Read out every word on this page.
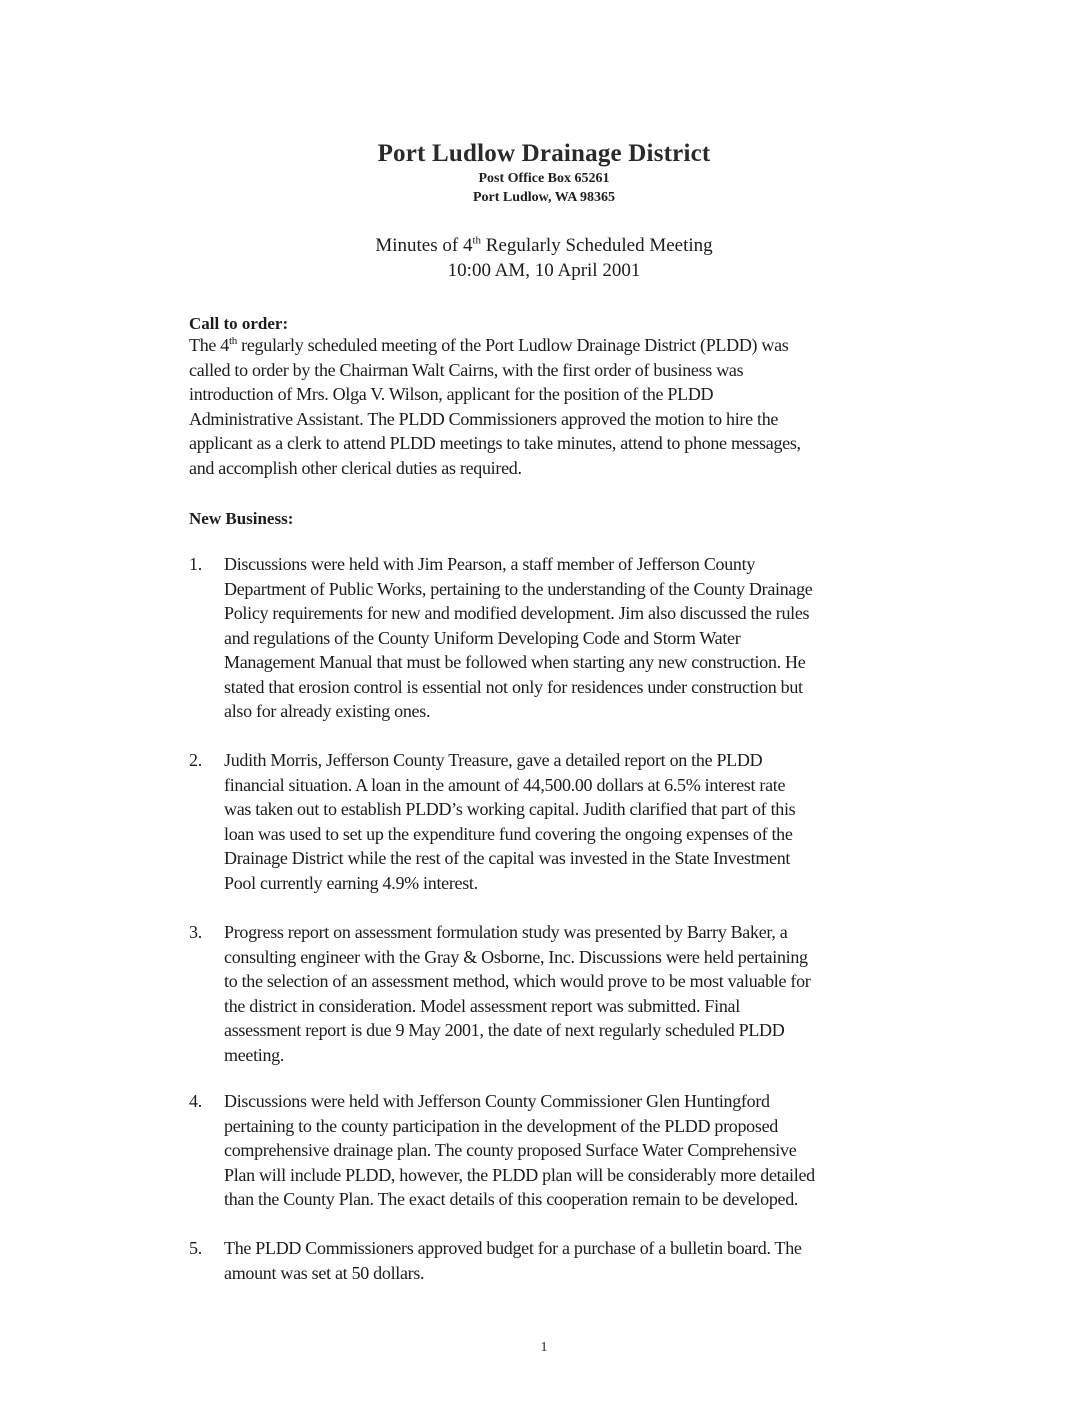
Port Ludlow Drainage District
Post Office Box 65261
Port Ludlow, WA 98365
Minutes of 4th Regularly Scheduled Meeting
10:00 AM, 10 April 2001
Call to order:
The 4th regularly scheduled meeting of the Port Ludlow Drainage District (PLDD) was
called to order by the Chairman Walt Cairns, with the first order of business was
introduction of Mrs. Olga V. Wilson, applicant for the position of the PLDD
Administrative Assistant. The PLDD Commissioners approved the motion to hire the
applicant as a clerk to attend PLDD meetings to take minutes, attend to phone messages,
and accomplish other clerical duties as required.
New Business:
1.	Discussions were held with Jim Pearson, a staff member of Jefferson County
Department of Public Works, pertaining to the understanding of the County Drainage
Policy requirements for new and modified development. Jim also discussed the rules
and regulations of the County Uniform Developing Code and Storm Water
Management Manual that must be followed when starting any new construction. He
stated that erosion control is essential not only for residences under construction but
also for already existing ones.
2.	Judith Morris, Jefferson County Treasure, gave a detailed report on the PLDD
financial situation. A loan in the amount of 44,500.00 dollars at 6.5% interest rate
was taken out to establish PLDD’s working capital. Judith clarified that part of this
loan was used to set up the expenditure fund covering the ongoing expenses of the
Drainage District while the rest of the capital was invested in the State Investment
Pool currently earning 4.9% interest.
3.	Progress report on assessment formulation study was presented by Barry Baker, a
consulting engineer with the Gray & Osborne, Inc. Discussions were held pertaining
to the selection of an assessment method, which would prove to be most valuable for
the district in consideration. Model assessment report was submitted. Final
assessment report is due 9 May 2001, the date of next regularly scheduled PLDD
meeting.
4.	Discussions were held with Jefferson County Commissioner Glen Huntingford
pertaining to the county participation in the development of the PLDD proposed
comprehensive drainage plan. The county proposed Surface Water Comprehensive
Plan will include PLDD, however, the PLDD plan will be considerably more detailed
than the County Plan. The exact details of this cooperation remain to be developed.
5.	The PLDD Commissioners approved budget for a purchase of a bulletin board. The
amount was set at 50 dollars.
1
